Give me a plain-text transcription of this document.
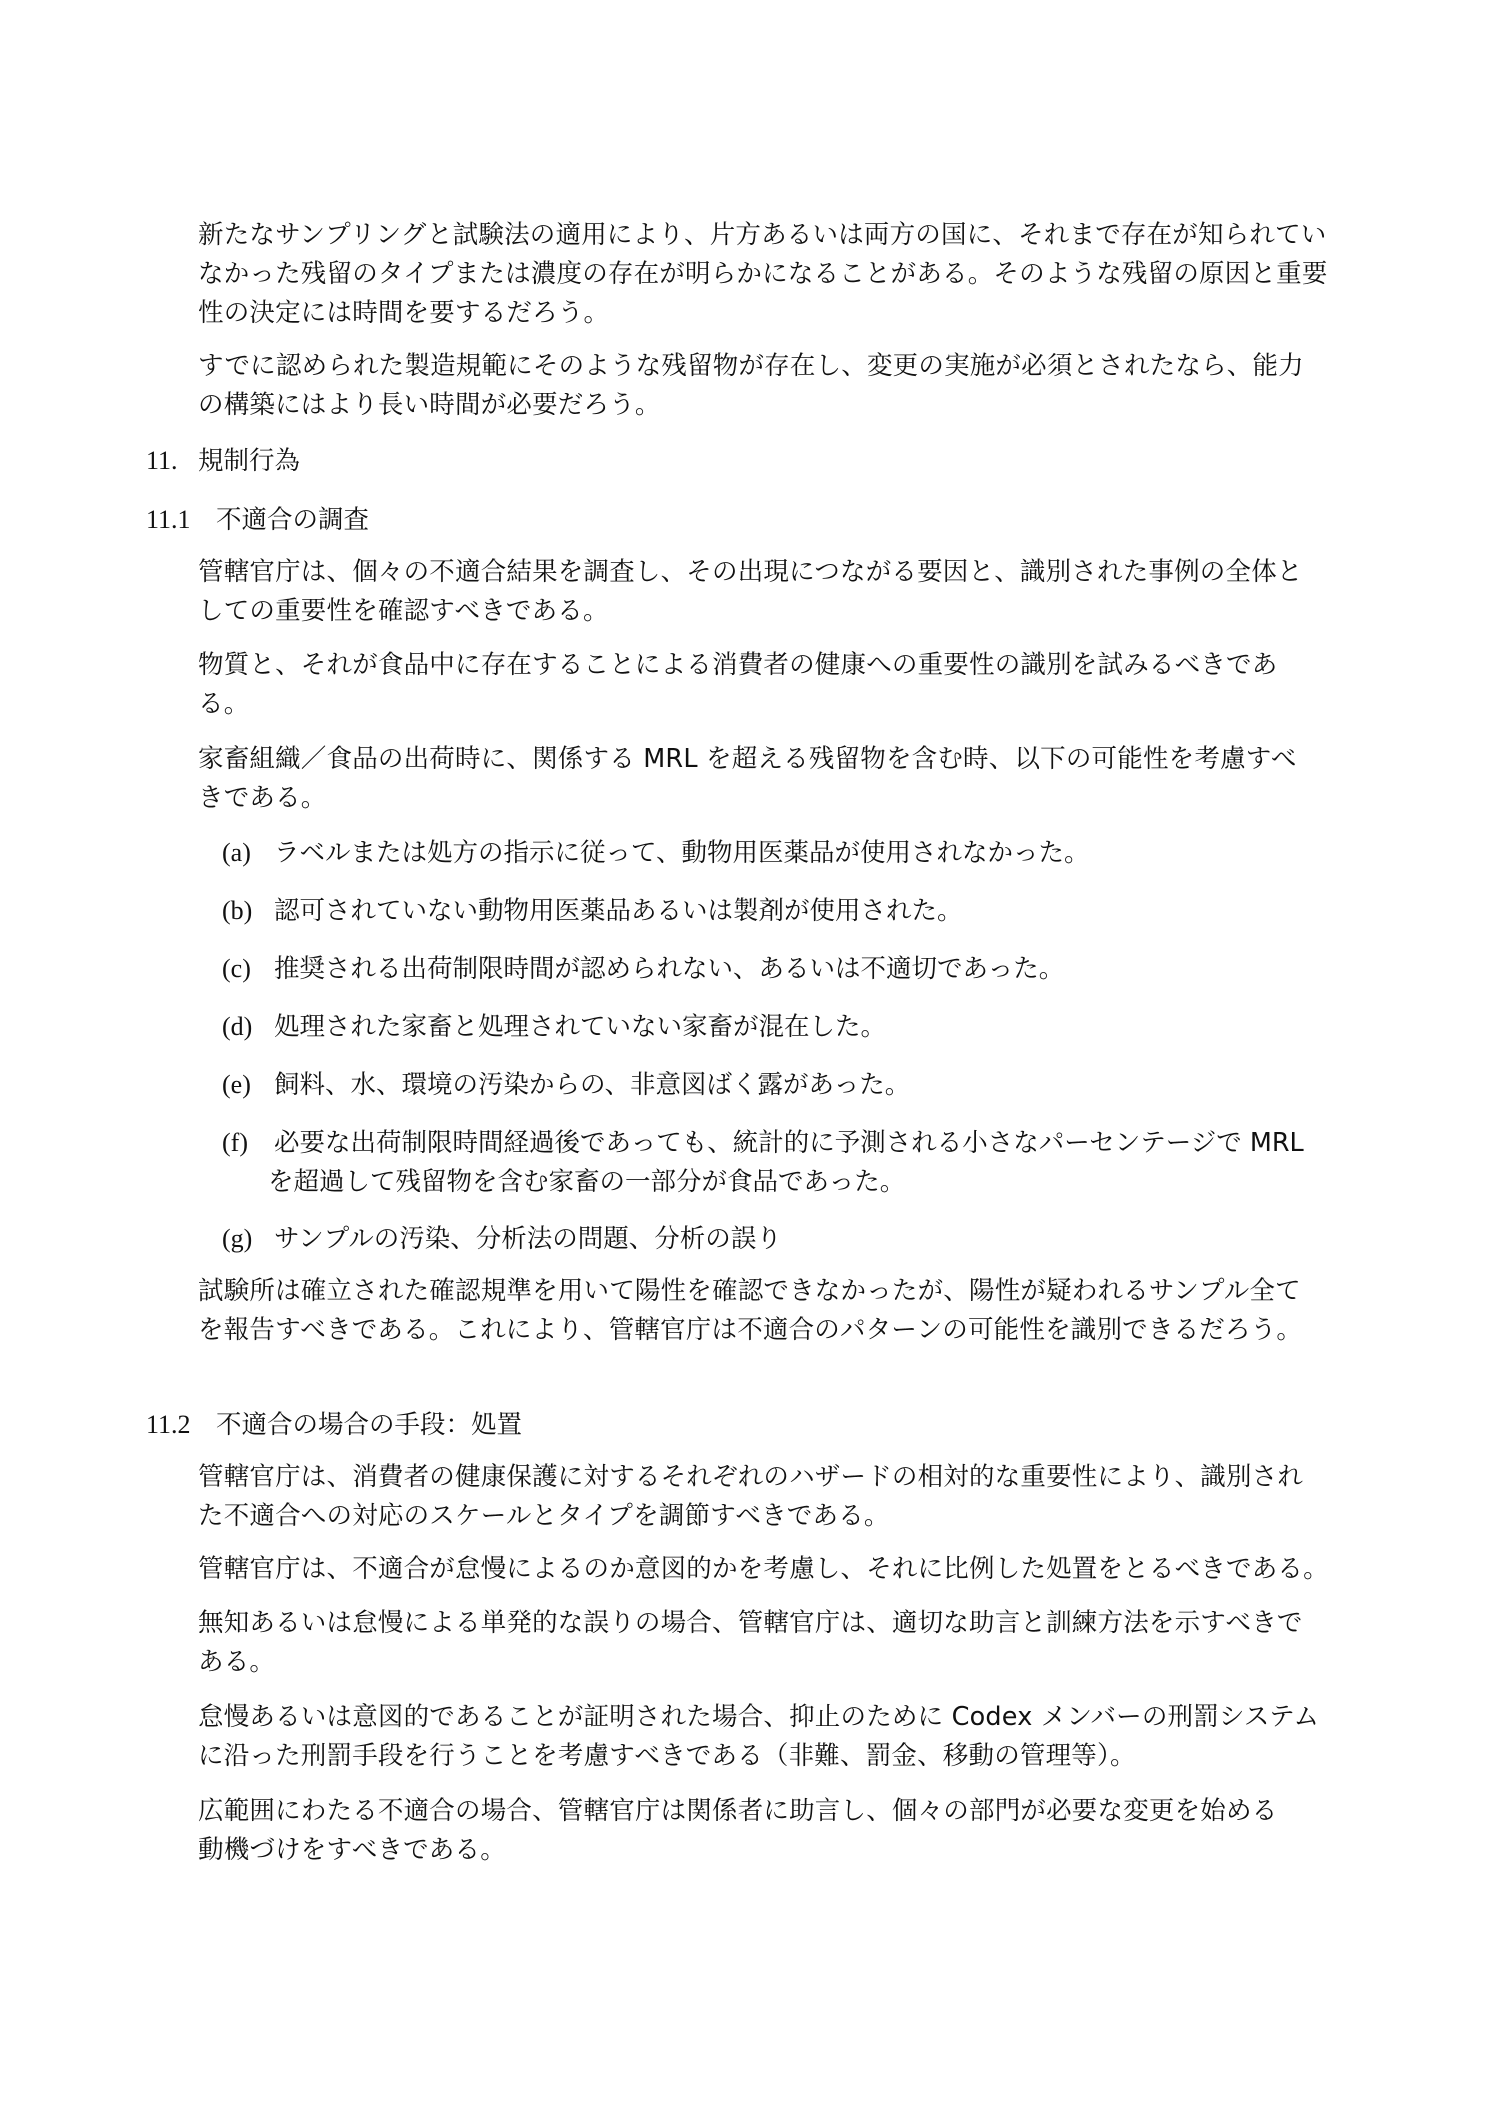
新たなサンプリングと試験法の適用により、片方あるいは両方の国に、それまで存在が知られてい
なかった残留のタイプまたは濃度の存在が明らかになることがある。そのような残留の原因と重要
性の決定には時間を要するだろう。

すでに認められた製造規範にそのような残留物が存在し、変更の実施が必須とされたなら、能力
の構築にはより長い時間が必要だろう。

11. 規制行為

11.1 不適合の調査

管轄官庁は、個々の不適合結果を調査し、その出現につながる要因と、識別された事例の全体と
しての重要性を確認すべきである。

物質と、それが食品中に存在することによる消費者の健康への重要性の識別を試みるべきであ
る。

家畜組織／食品の出荷時に、関係する MRL を超える残留物を含む時、以下の可能性を考慮すべ
きである。

(a) ラベルまたは処方の指示に従って、動物用医薬品が使用されなかった。

(b) 認可されていない動物用医薬品あるいは製剤が使用された。

(c) 推奨される出荷制限時間が認められない、あるいは不適切であった。

(d) 処理された家畜と処理されていない家畜が混在した。

(e) 飼料、水、環境の汚染からの、非意図ばく露があった。

(f) 必要な出荷制限時間経過後であっても、統計的に予測される小さなパーセンテージで MRL
を超過して残留物を含む家畜の一部分が食品であった。

(g) サンプルの汚染、分析法の問題、分析の誤り

試験所は確立された確認規準を用いて陽性を確認できなかったが、陽性が疑われるサンプル全て
を報告すべきである。これにより、管轄官庁は不適合のパターンの可能性を識別できるだろう。

11.2 不適合の場合の手段：処置

管轄官庁は、消費者の健康保護に対するそれぞれのハザードの相対的な重要性により、識別され
た不適合への対応のスケールとタイプを調節すべきである。

管轄官庁は、不適合が怠慢によるのか意図的かを考慮し、それに比例した処置をとるべきである。

無知あるいは怠慢による単発的な誤りの場合、管轄官庁は、適切な助言と訓練方法を示すべきで
ある。

怠慢あるいは意図的であることが証明された場合、抑止のために Codex メンバーの刑罰システム
に沿った刑罰手段を行うことを考慮すべきである（非難、罰金、移動の管理等）。

広範囲にわたる不適合の場合、管轄官庁は関係者に助言し、個々の部門が必要な変更を始める
動機づけをすべきである。
